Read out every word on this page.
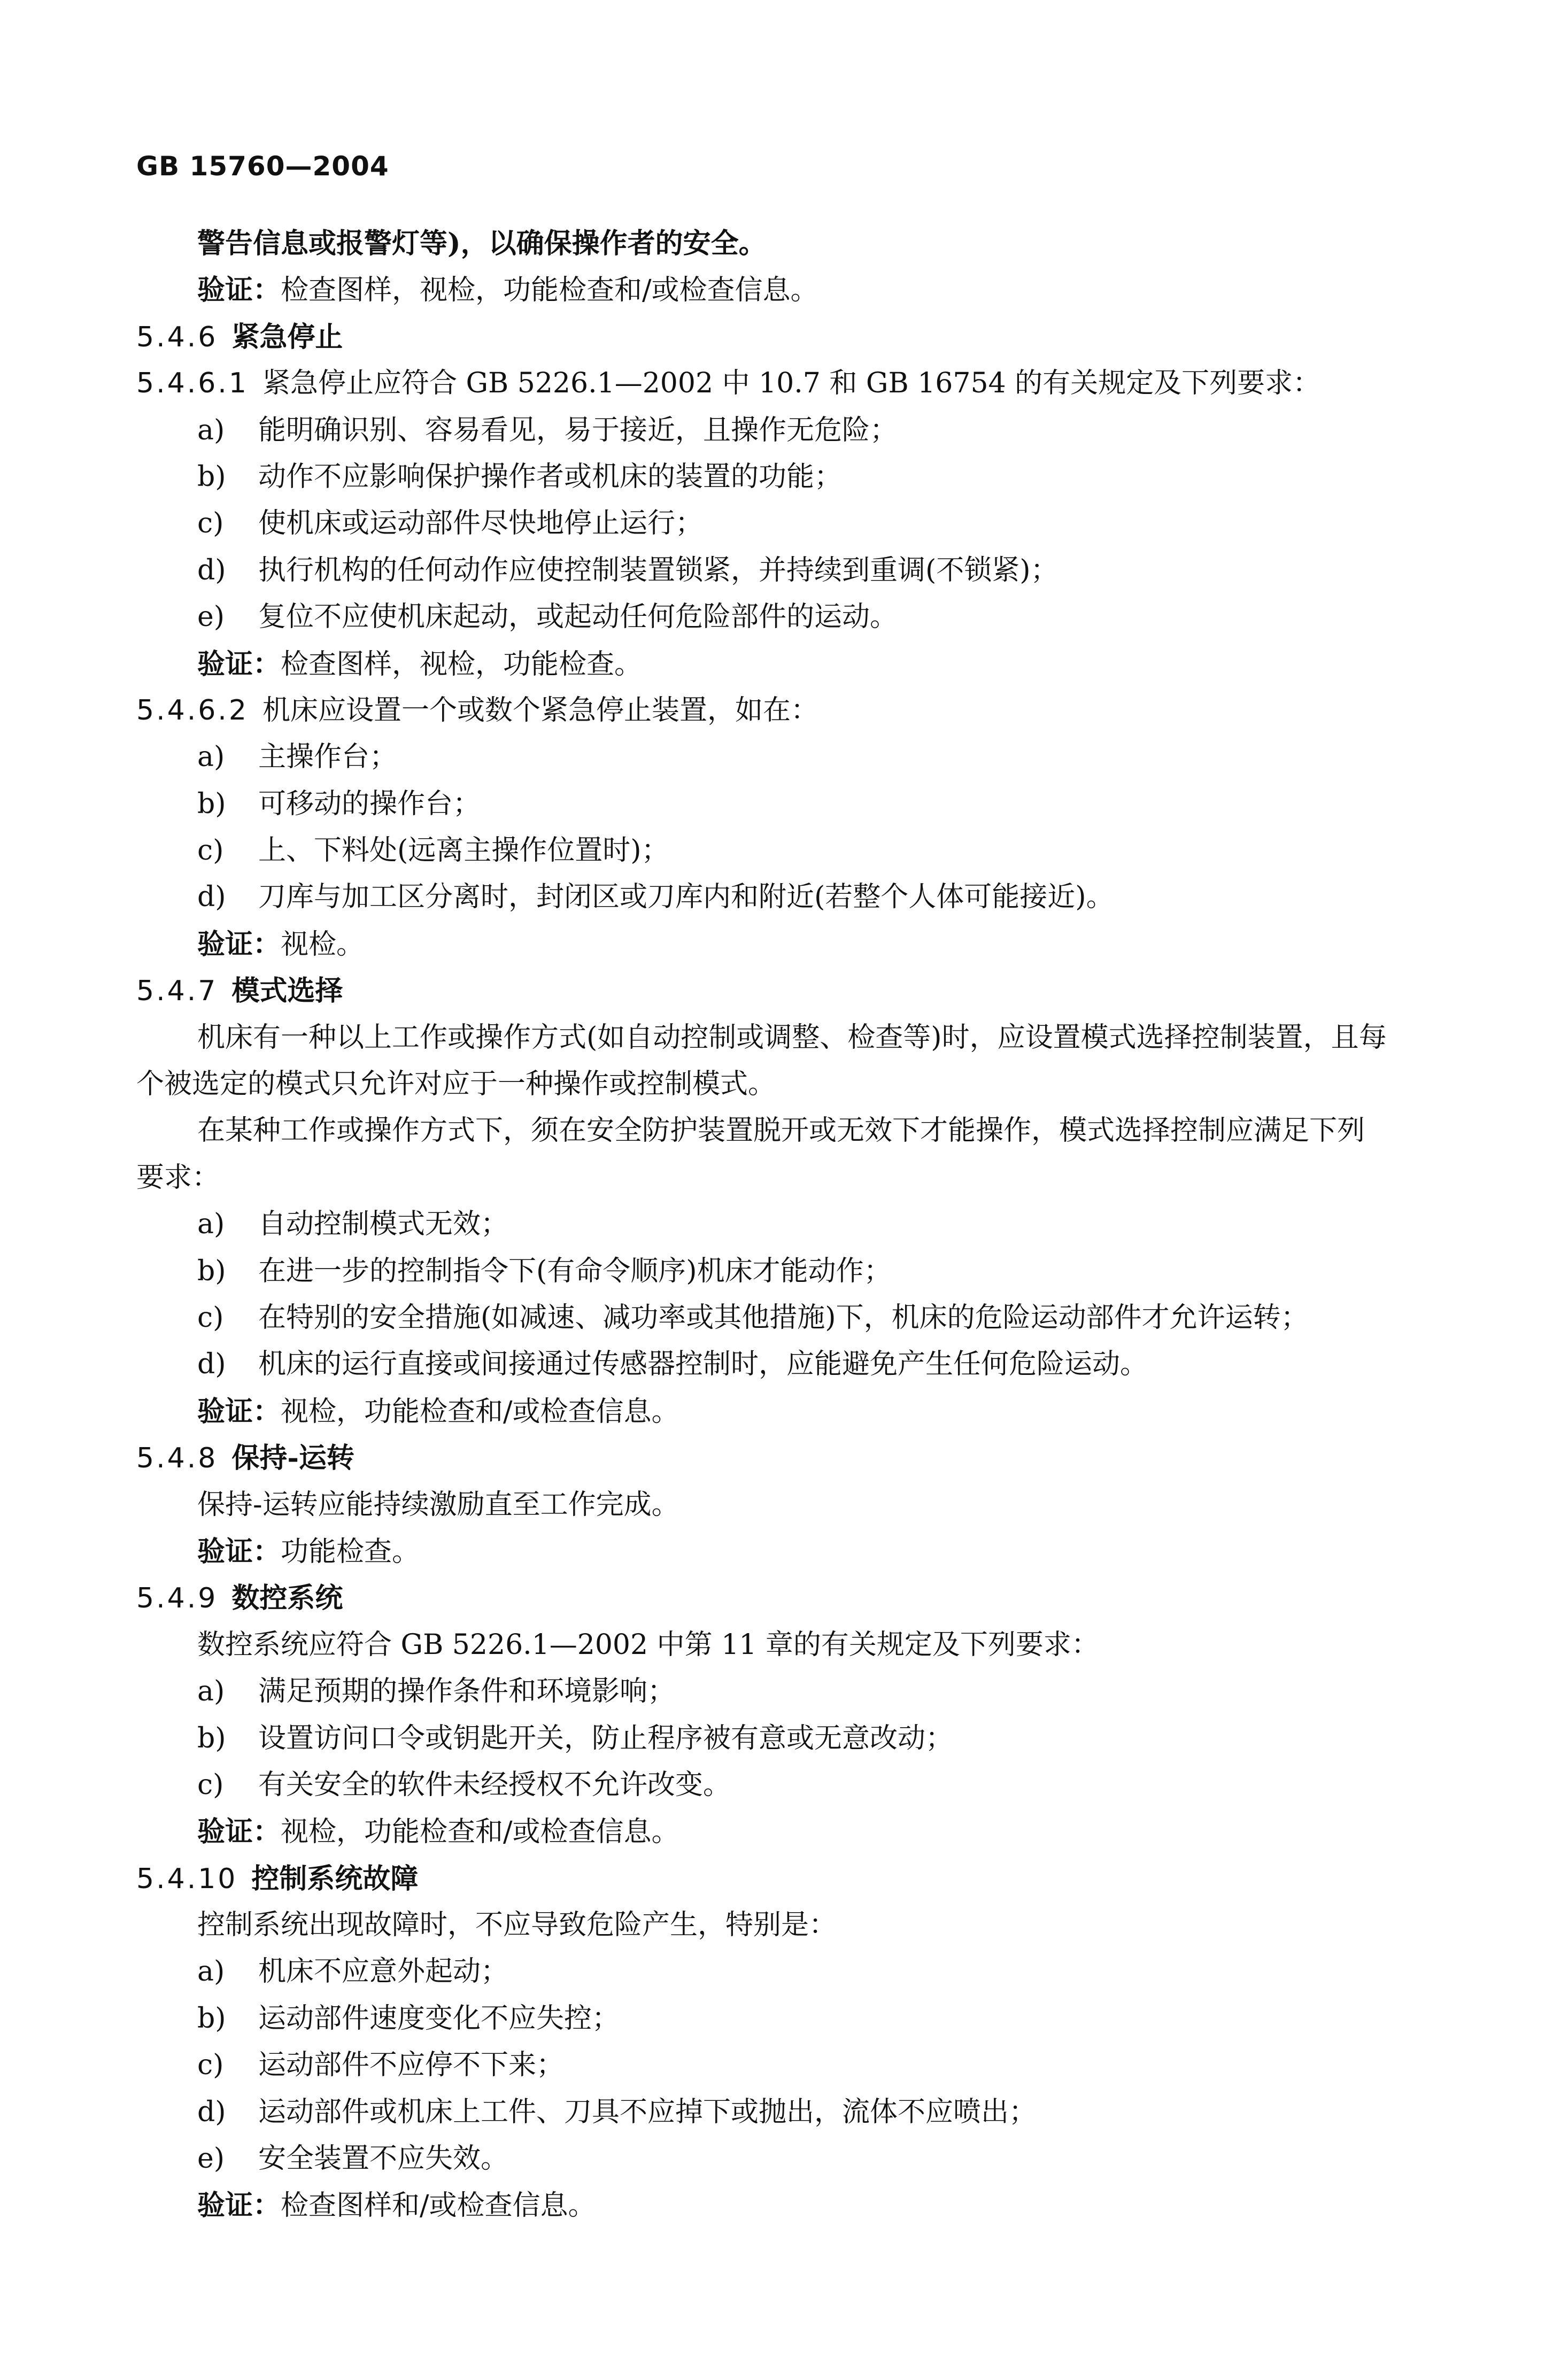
GB 15760—2004
警告信息或报警灯等)，以确保操作者的安全。
验证：检查图样，视检，功能检查和/或检查信息。
5.4.6 紧急停止
5.4.6.1 紧急停止应符合 GB 5226.1—2002 中 10.7 和 GB 16754 的有关规定及下列要求：
a) 能明确识别、容易看见，易于接近，且操作无危险；
b) 动作不应影响保护操作者或机床的装置的功能；
c) 使机床或运动部件尽快地停止运行；
d) 执行机构的任何动作应使控制装置锁紧，并持续到重调(不锁紧)；
e) 复位不应使机床起动，或起动任何危险部件的运动。
验证：检查图样，视检，功能检查。
5.4.6.2 机床应设置一个或数个紧急停止装置，如在：
a) 主操作台；
b) 可移动的操作台；
c) 上、下料处(远离主操作位置时)；
d) 刀库与加工区分离时，封闭区或刀库内和附近(若整个人体可能接近)。
验证：视检。
5.4.7 模式选择
机床有一种以上工作或操作方式(如自动控制或调整、检查等)时，应设置模式选择控制装置，且每
个被选定的模式只允许对应于一种操作或控制模式。
在某种工作或操作方式下，须在安全防护装置脱开或无效下才能操作，模式选择控制应满足下列
要求：
a) 自动控制模式无效；
b) 在进一步的控制指令下(有命令顺序)机床才能动作；
c) 在特别的安全措施(如减速、减功率或其他措施)下，机床的危险运动部件才允许运转；
d) 机床的运行直接或间接通过传感器控制时，应能避免产生任何危险运动。
验证：视检，功能检查和/或检查信息。
5.4.8 保持-运转
保持-运转应能持续激励直至工作完成。
验证：功能检查。
5.4.9 数控系统
数控系统应符合 GB 5226.1—2002 中第 11 章的有关规定及下列要求：
a) 满足预期的操作条件和环境影响；
b) 设置访问口令或钥匙开关，防止程序被有意或无意改动；
c) 有关安全的软件未经授权不允许改变。
验证：视检，功能检查和/或检查信息。
5.4.10 控制系统故障
控制系统出现故障时，不应导致危险产生，特别是：
a) 机床不应意外起动；
b) 运动部件速度变化不应失控；
c) 运动部件不应停不下来；
d) 运动部件或机床上工件、刀具不应掉下或抛出，流体不应喷出；
e) 安全装置不应失效。
验证：检查图样和/或检查信息。
